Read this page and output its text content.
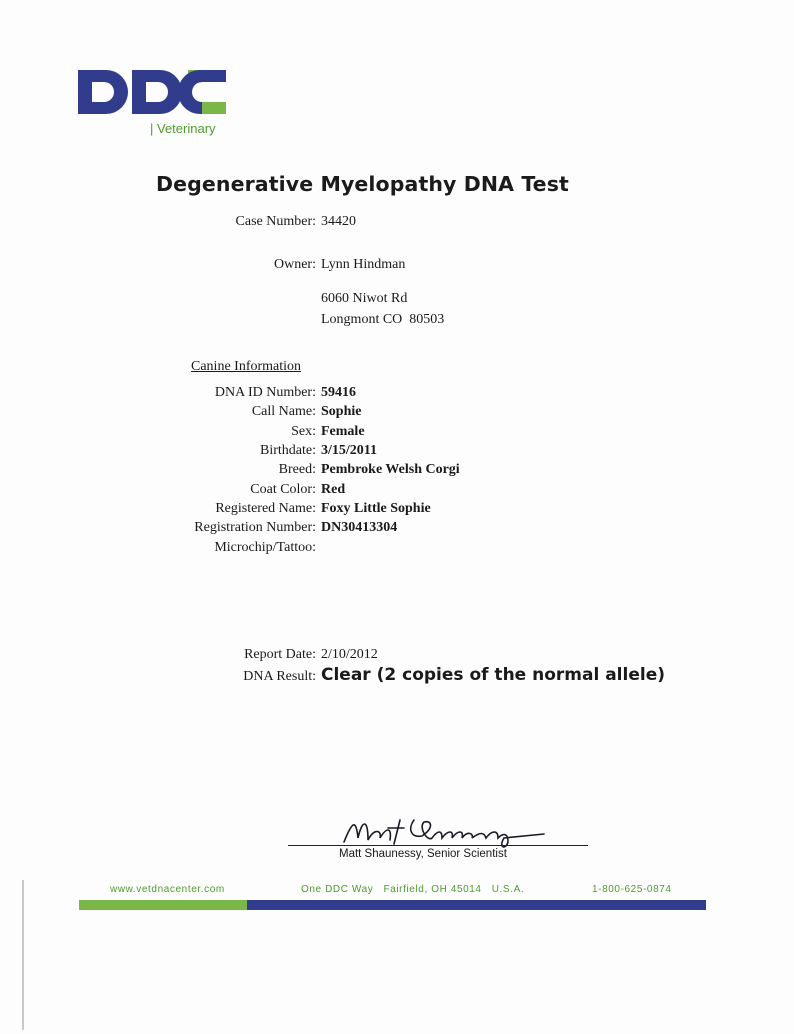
| Veterinary
Degenerative Myelopathy DNA Test
Case Number: 34420
Owner: Lynn Hindman
6060 Niwot Rd
Longmont CO  80503
Canine Information
DNA ID Number: 59416
Call Name: Sophie
Sex: Female
Birthdate: 3/15/2011
Breed: Pembroke Welsh Corgi
Coat Color: Red
Registered Name: Foxy Little Sophie
Registration Number: DN30413304
Microchip/Tattoo:
Report Date: 2/10/2012
DNA Result: Clear (2 copies of the normal allele)
Matt Shaunessy, Senior Scientist
www.vetdnacenter.com	One DDC Way   Fairfield, OH 45014   U.S.A.	1-800-625-0874
